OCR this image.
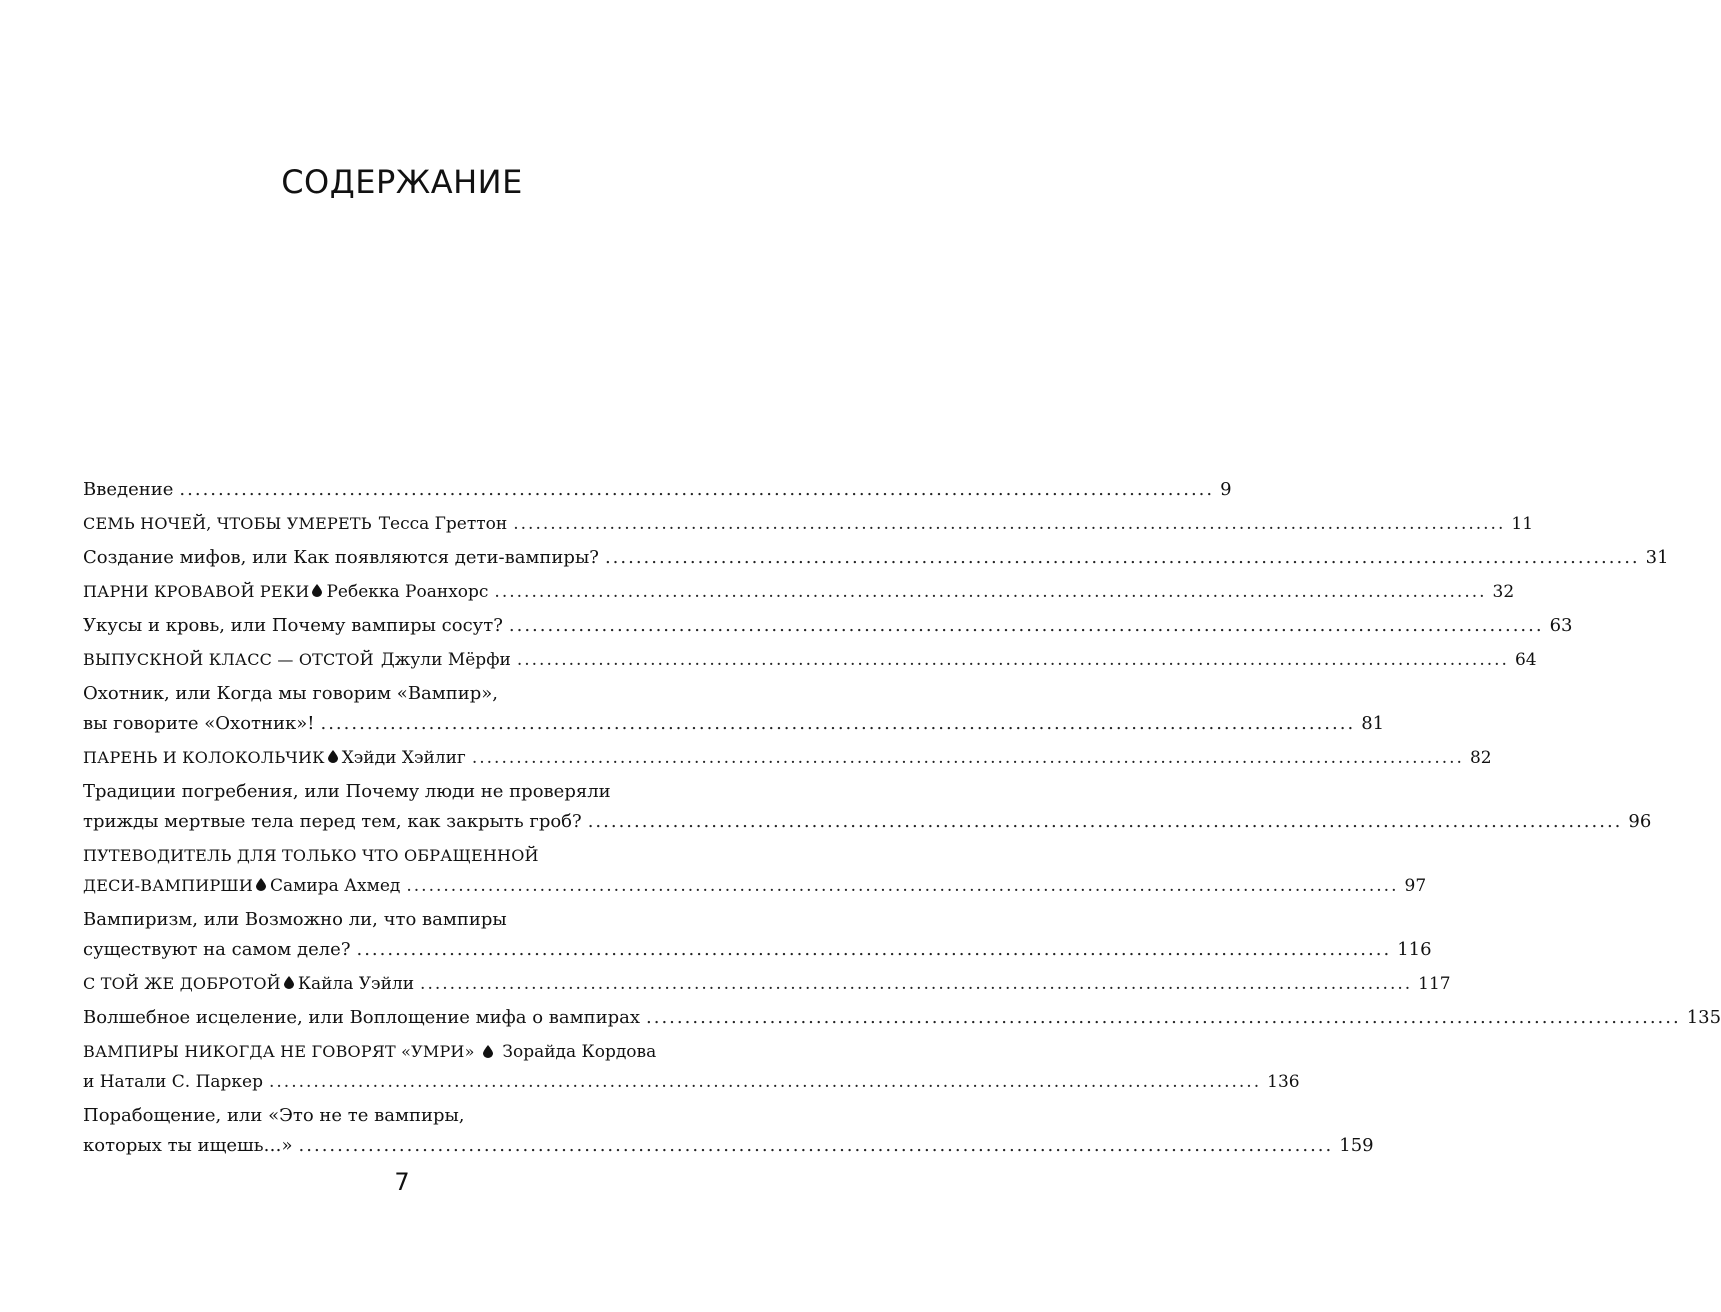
СОДЕРЖАНИЕ
Введение ...................................................................................................................................... 9
СЕМЬ НОЧЕЙ, ЧТОБЫ УМЕРЕТЬ Тесса Греттон ...................................................................................................................................... 11
Создание мифов, или Как появляются дети-вампиры? ...................................................................................................................................... 31
ПАРНИ КРОВАВОЙ РЕКИ Ребекка Роанхорс ...................................................................................................................................... 32
Укусы и кровь, или Почему вампиры сосут? ...................................................................................................................................... 63
ВЫПУСКНОЙ КЛАСС — ОТСТОЙ Джули Мёрфи ...................................................................................................................................... 64
Охотник, или Когда мы говорим «Вампир»,
вы говорите «Охотник»! ...................................................................................................................................... 81
ПАРЕНЬ И КОЛОКОЛЬЧИК Хэйди Хэйлиг ...................................................................................................................................... 82
Традиции погребения, или Почему люди не проверяли
трижды мертвые тела перед тем, как закрыть гроб? ...................................................................................................................................... 96
ПУТЕВОДИТЕЛЬ ДЛЯ ТОЛЬКО ЧТО ОБРАЩЕННОЙ
ДЕСИ-ВАМПИРШИ Самира Ахмед ...................................................................................................................................... 97
Вампиризм, или Возможно ли, что вампиры
существуют на самом деле? ...................................................................................................................................... 116
С ТОЙ ЖЕ ДОБРОТОЙ Кайла Уэйли ...................................................................................................................................... 117
Волшебное исцеление, или Воплощение мифа о вампирах ...................................................................................................................................... 135
ВАМПИРЫ НИКОГДА НЕ ГОВОРЯТ «УМРИ» Зорайда Кордова
и Натали С. Паркер ...................................................................................................................................... 136
Порабощение, или «Это не те вампиры,
которых ты ищешь…» ...................................................................................................................................... 159
7
